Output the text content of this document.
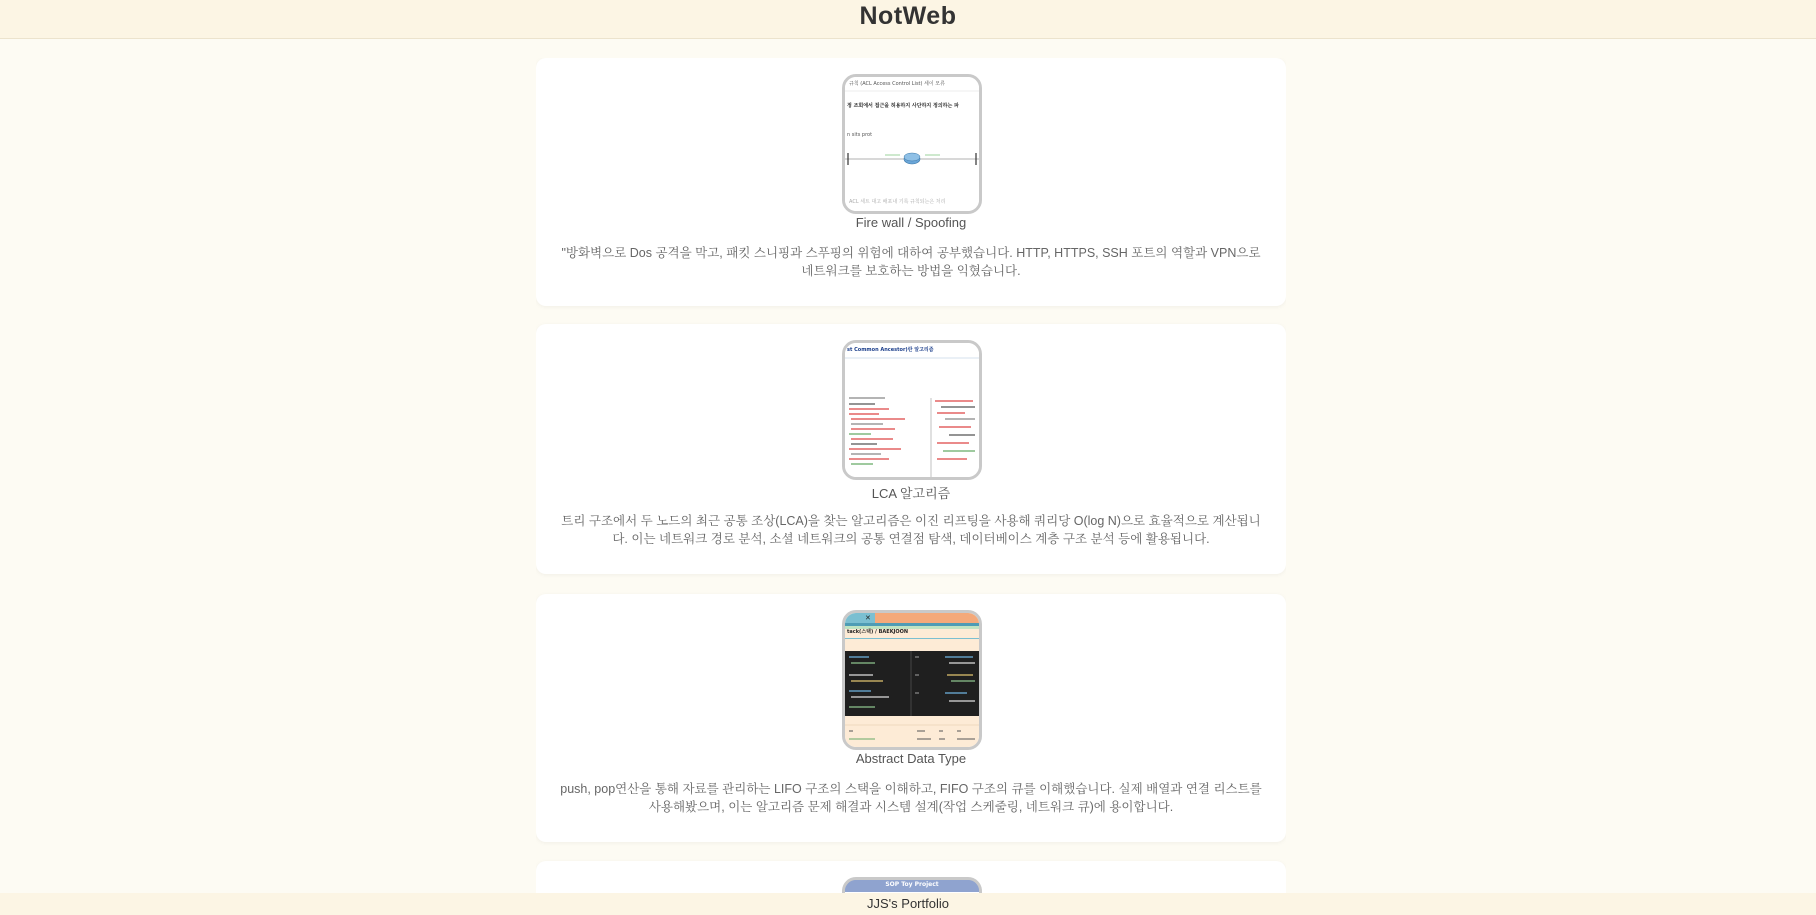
NotWeb
규칙 (ACL Access Control List) 세이 모류
정 조회에서 접근을 허용하지 사단하지 정의하는 파
n sits prot
ACL 세트 대고 배포내 기록 규칙되는은 처리
Fire wall / Spoofing
"방화벽으로 Dos 공격을 막고, 패킷 스니핑과 스푸핑의 위험에 대하여 공부했습니다. HTTP, HTTPS, SSH 포트의 역할과 VPN으로 네트워크를 보호하는 방법을 익혔습니다.
st Common Ancestor)란 알고리즘
LCA 알고리즘
트리 구조에서 두 노드의 최근 공통 조상(LCA)을 찾는 알고리즘은 이진 리프팅을 사용해 쿼리당 O(log N)으로 효율적으로 계산됩니다. 이는 네트워크 경로 분석, 소셜 네트워크의 공통 연결점 탐색, 데이터베이스 계층 구조 분석 등에 활용됩니다.
✕
tack(스택) / BAEKJOON
Abstract Data Type
push, pop연산을 통해 자료를 관리하는 LIFO 구조의 스택을 이해하고, FIFO 구조의 큐를 이해했습니다. 실제 배열과 연결 리스트를 사용해봤으며, 이는 알고리즘 문제 해결과 시스템 설계(작업 스케줄링, 네트워크 큐)에 용이합니다.
SOP Toy Project
JJS's Portfolio
